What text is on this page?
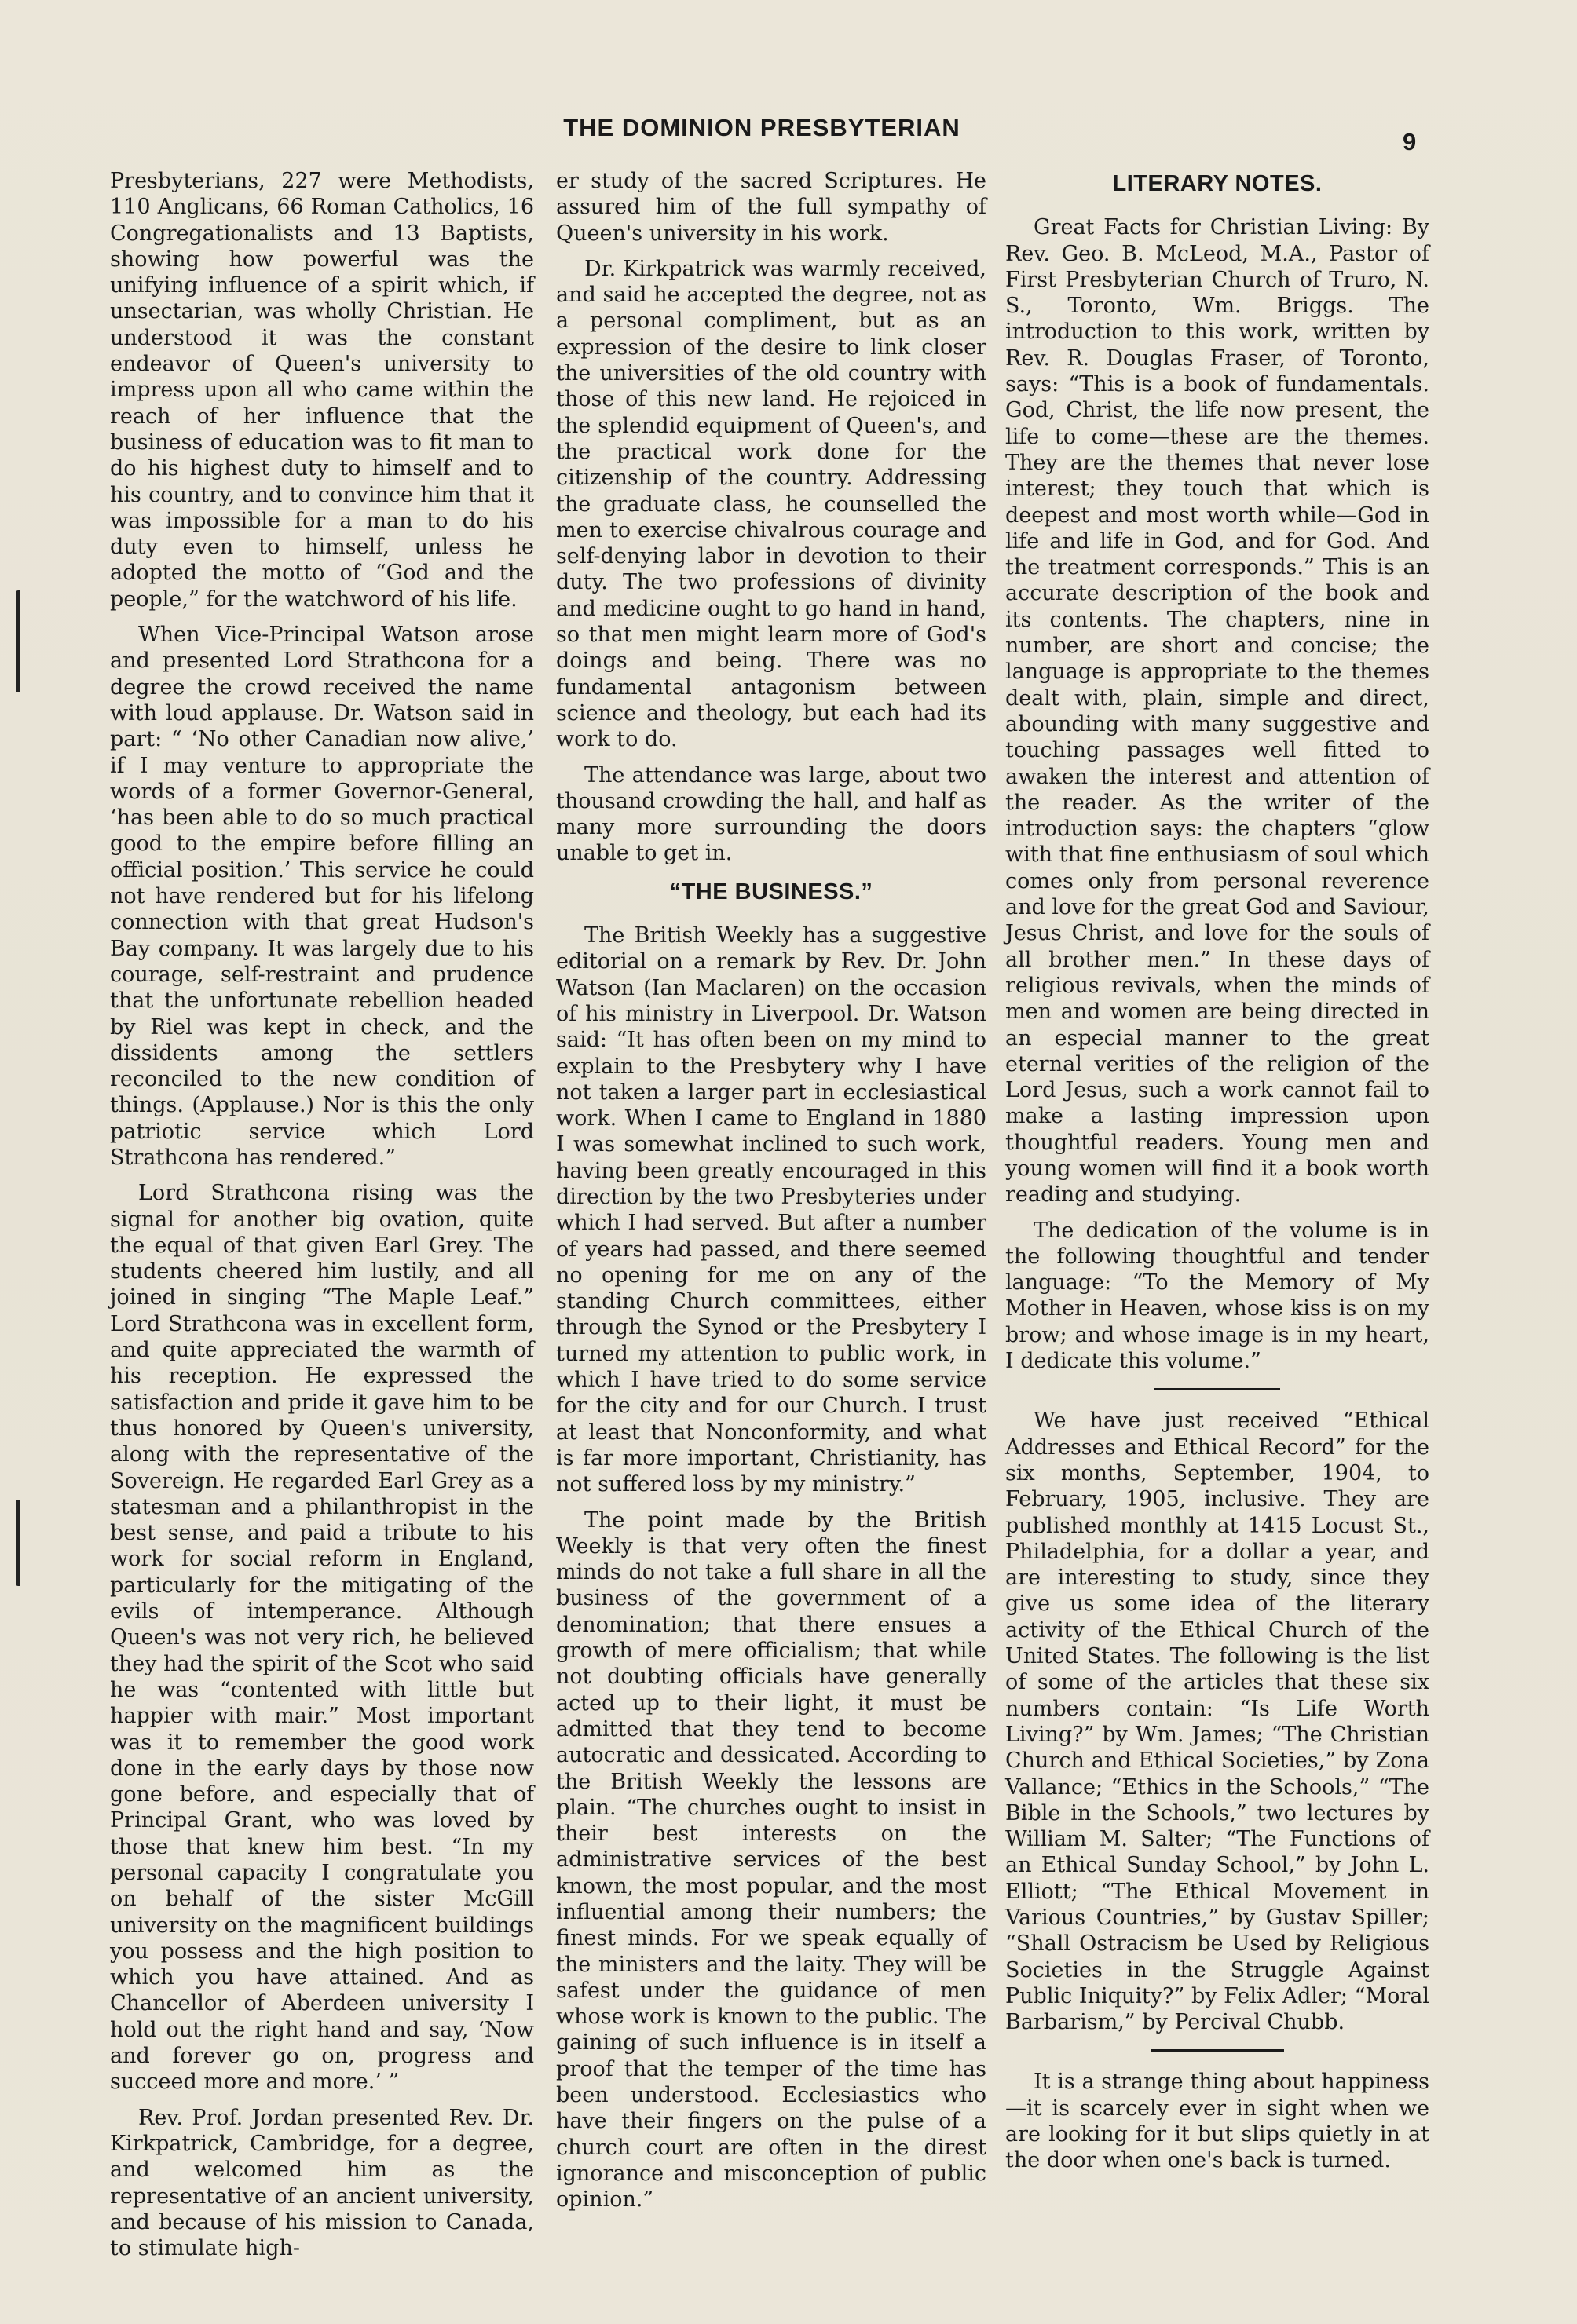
THE DOMINION PRESBYTERIAN
9

Presbyterians, 227 were Methodists, 110 Anglicans, 66 Roman Catholics, 16 Congregationalists and 13 Baptists, showing how powerful was the unifying influence of a spirit which, if unsectarian, was wholly Christian. He understood it was the constant endeavor of Queen's university to impress upon all who came within the reach of her influence that the business of education was to fit man to do his highest duty to himself and to his country, and to convince him that it was impossible for a man to do his duty even to himself, unless he adopted the motto of “God and the people,” for the watchword of his life.

When Vice-Principal Watson arose and presented Lord Strathcona for a degree the crowd received the name with loud applause. Dr. Watson said in part: “ ‘No other Canadian now alive,’ if I may venture to appropriate the words of a former Governor-General, ‘has been able to do so much practical good to the empire before filling an official position.’ This service he could not have rendered but for his lifelong connection with that great Hudson's Bay company. It was largely due to his courage, self-restraint and prudence that the unfortunate rebellion headed by Riel was kept in check, and the dissidents among the settlers reconciled to the new condition of things. (Applause.) Nor is this the only patriotic service which Lord Strathcona has rendered.”

Lord Strathcona rising was the signal for another big ovation, quite the equal of that given Earl Grey. The students cheered him lustily, and all joined in singing “The Maple Leaf.” Lord Strathcona was in excellent form, and quite appreciated the warmth of his reception. He expressed the satisfaction and pride it gave him to be thus honored by Queen's university, along with the representative of the Sovereign. He regarded Earl Grey as a statesman and a philanthropist in the best sense, and paid a tribute to his work for social reform in England, particularly for the mitigating of the evils of intemperance. Although Queen's was not very rich, he believed they had the spirit of the Scot who said he was “contented with little but happier with mair.” Most important was it to remember the good work done in the early days by those now gone before, and especially that of Principal Grant, who was loved by those that knew him best. “In my personal capacity I congratulate you on behalf of the sister McGill university on the magnificent buildings you possess and the high position to which you have attained. And as Chancellor of Aberdeen university I hold out the right hand and say, ‘Now and forever go on, progress and succeed more and more.’ ”

Rev. Prof. Jordan presented Rev. Dr. Kirkpatrick, Cambridge, for a degree, and welcomed him as the representative of an ancient university, and because of his mission to Canada, to stimulate high-

er study of the sacred Scriptures. He assured him of the full sympathy of Queen's university in his work.

Dr. Kirkpatrick was warmly received, and said he accepted the degree, not as a personal compliment, but as an expression of the desire to link closer the universities of the old country with those of this new land. He rejoiced in the splendid equipment of Queen's, and the practical work done for the citizenship of the country. Addressing the graduate class, he counselled the men to exercise chivalrous courage and self-denying labor in devotion to their duty. The two professions of divinity and medicine ought to go hand in hand, so that men might learn more of God's doings and being. There was no fundamental antagonism between science and theology, but each had its work to do.

The attendance was large, about two thousand crowding the hall, and half as many more surrounding the doors unable to get in.

“THE BUSINESS.”

The British Weekly has a suggestive editorial on a remark by Rev. Dr. John Watson (Ian Maclaren) on the occasion of his ministry in Liverpool. Dr. Watson said: “It has often been on my mind to explain to the Presbytery why I have not taken a larger part in ecclesiastical work. When I came to England in 1880 I was somewhat inclined to such work, having been greatly encouraged in this direction by the two Presbyteries under which I had served. But after a number of years had passed, and there seemed no opening for me on any of the standing Church committees, either through the Synod or the Presbytery I turned my attention to public work, in which I have tried to do some service for the city and for our Church. I trust at least that Nonconformity, and what is far more important, Christianity, has not suffered loss by my ministry.”

The point made by the British Weekly is that very often the finest minds do not take a full share in all the business of the government of a denomination; that there ensues a growth of mere officialism; that while not doubting officials have generally acted up to their light, it must be admitted that they tend to become autocratic and dessicated. According to the British Weekly the lessons are plain. “The churches ought to insist in their best interests on the administrative services of the best known, the most popular, and the most influential among their numbers; the finest minds. For we speak equally of the ministers and the laity. They will be safest under the guidance of men whose work is known to the public. The gaining of such influence is in itself a proof that the temper of the time has been understood. Ecclesiastics who have their fingers on the pulse of a church court are often in the direst ignorance and misconception of public opinion.”

LITERARY NOTES.

Great Facts for Christian Living: By Rev. Geo. B. McLeod, M.A., Pastor of First Presbyterian Church of Truro, N. S., Toronto, Wm. Briggs. The introduction to this work, written by Rev. R. Douglas Fraser, of Toronto, says: “This is a book of fundamentals. God, Christ, the life now present, the life to come—these are the themes. They are the themes that never lose interest; they touch that which is deepest and most worth while—God in life and life in God, and for God. And the treatment corresponds.” This is an accurate description of the book and its contents. The chapters, nine in number, are short and concise; the language is appropriate to the themes dealt with, plain, simple and direct, abounding with many suggestive and touching passages well fitted to awaken the interest and attention of the reader. As the writer of the introduction says: the chapters “glow with that fine enthusiasm of soul which comes only from personal reverence and love for the great God and Saviour, Jesus Christ, and love for the souls of all brother men.” In these days of religious revivals, when the minds of men and women are being directed in an especial manner to the great eternal verities of the religion of the Lord Jesus, such a work cannot fail to make a lasting impression upon thoughtful readers. Young men and young women will find it a book worth reading and studying.

The dedication of the volume is in the following thoughtful and tender language: “To the Memory of My Mother in Heaven, whose kiss is on my brow; and whose image is in my heart, I dedicate this volume.”

We have just received “Ethical Addresses and Ethical Record” for the six months, September, 1904, to February, 1905, inclusive. They are published monthly at 1415 Locust St., Philadelphia, for a dollar a year, and are interesting to study, since they give us some idea of the literary activity of the Ethical Church of the United States. The following is the list of some of the articles that these six numbers contain: “Is Life Worth Living?” by Wm. James; “The Christian Church and Ethical Societies,” by Zona Vallance; “Ethics in the Schools,” “The Bible in the Schools,” two lectures by William M. Salter; “The Functions of an Ethical Sunday School,” by John L. Elliott; “The Ethical Movement in Various Countries,” by Gustav Spiller; “Shall Ostracism be Used by Religious Societies in the Struggle Against Public Iniquity?” by Felix Adler; “Moral Barbarism,” by Percival Chubb.

It is a strange thing about happiness—it is scarcely ever in sight when we are looking for it but slips quietly in at the door when one's back is turned.
